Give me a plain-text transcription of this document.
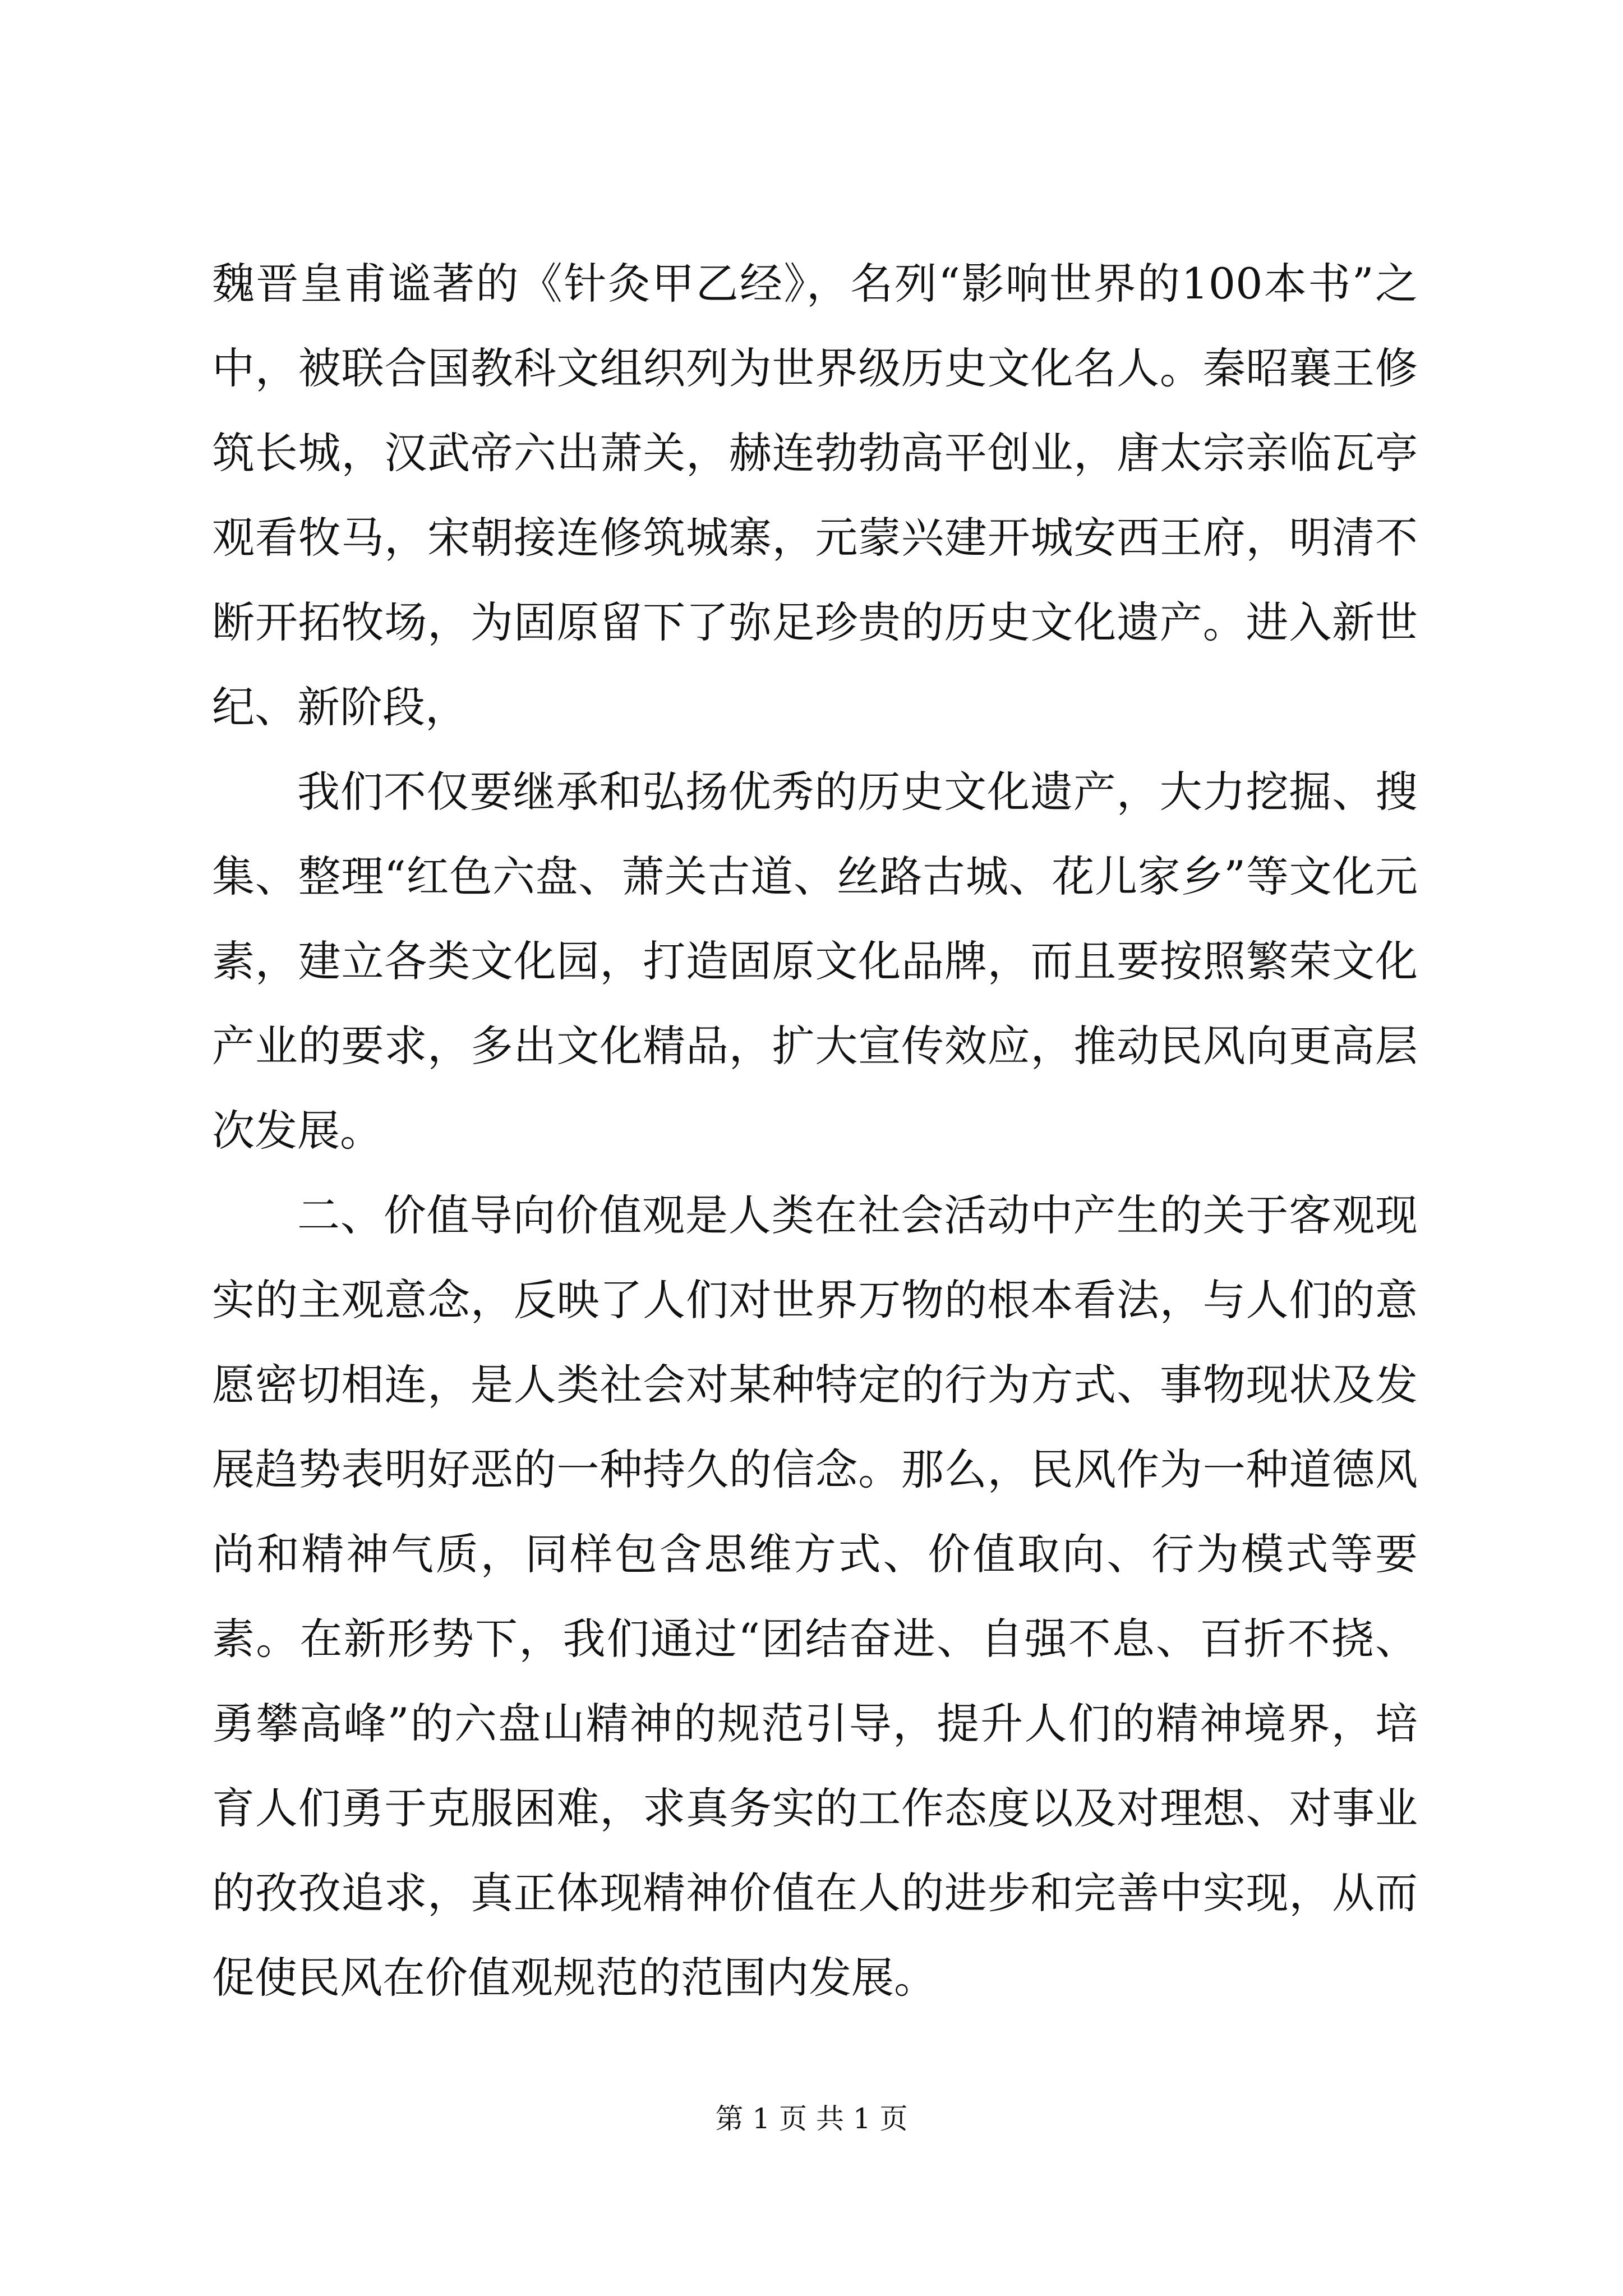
魏晋皇甫谧著的《针灸甲乙经》，名列“影响世界的100本书”之中，被联合国教科文组织列为世界级历史文化名人。秦昭襄王修筑长城，汉武帝六出萧关，赫连勃勃高平创业，唐太宗亲临瓦亭观看牧马，宋朝接连修筑城寨，元蒙兴建开城安西王府，明清不断开拓牧场，为固原留下了弥足珍贵的历史文化遗产。进入新世纪、新阶段，

我们不仅要继承和弘扬优秀的历史文化遗产，大力挖掘、搜集、整理“红色六盘、萧关古道、丝路古城、花儿家乡”等文化元素，建立各类文化园，打造固原文化品牌，而且要按照繁荣文化产业的要求，多出文化精品，扩大宣传效应，推动民风向更高层次发展。

二、价值导向价值观是人类在社会活动中产生的关于客观现实的主观意念，反映了人们对世界万物的根本看法，与人们的意愿密切相连，是人类社会对某种特定的行为方式、事物现状及发展趋势表明好恶的一种持久的信念。那么，民风作为一种道德风尚和精神气质，同样包含思维方式、价值取向、行为模式等要素。在新形势下，我们通过“团结奋进、自强不息、百折不挠、勇攀高峰”的六盘山精神的规范引导，提升人们的精神境界，培育人们勇于克服困难，求真务实的工作态度以及对理想、对事业的孜孜追求，真正体现精神价值在人的进步和完善中实现，从而促使民风在价值观规范的范围内发展。

第 1 页 共 1 页
